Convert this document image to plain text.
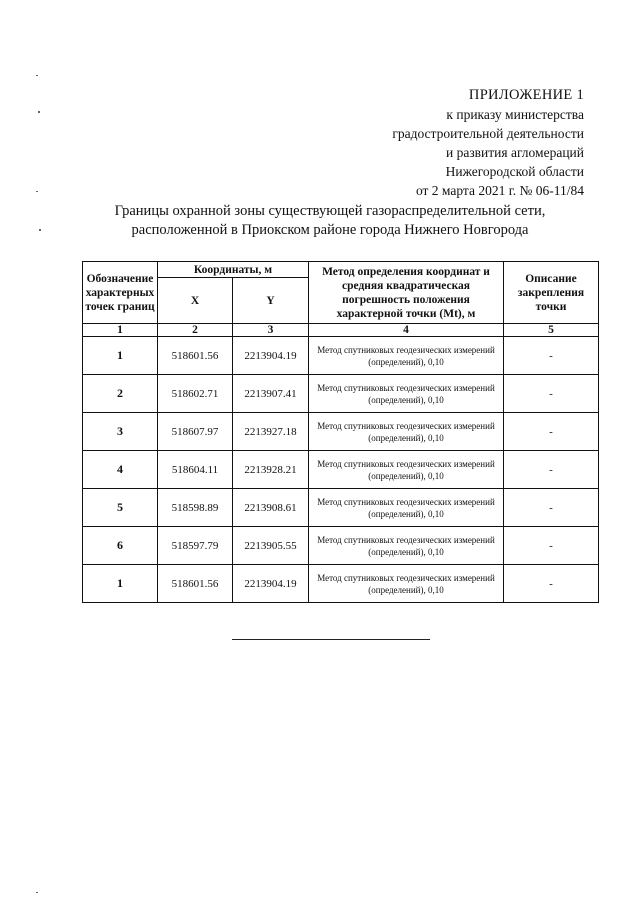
ПРИЛОЖЕНИЕ 1
к приказу министерства
градостроительной деятельности
и развития агломераций
Нижегородской области
от 2 марта 2021 г. № 06-11/84
Границы охранной зоны существующей газораспределительной сети,
расположенной в Приокском районе города Нижнего Новгорода
Обозначение характерных точек границ	Координаты, м		Метод определения координат и средняя квадратическая погрешность положения характерной точки (Mt), м	Описание закрепления точки
	X	Y		
1	2	3	4	5
1	518601.56	2213904.19	Метод спутниковых геодезических измерений (определений), 0,10	-
2	518602.71	2213907.41	Метод спутниковых геодезических измерений (определений), 0,10	-
3	518607.97	2213927.18	Метод спутниковых геодезических измерений (определений), 0,10	-
4	518604.11	2213928.21	Метод спутниковых геодезических измерений (определений), 0,10	-
5	518598.89	2213908.61	Метод спутниковых геодезических измерений (определений), 0,10	-
6	518597.79	2213905.55	Метод спутниковых геодезических измерений (определений), 0,10	-
1	518601.56	2213904.19	Метод спутниковых геодезических измерений (определений), 0,10	-
